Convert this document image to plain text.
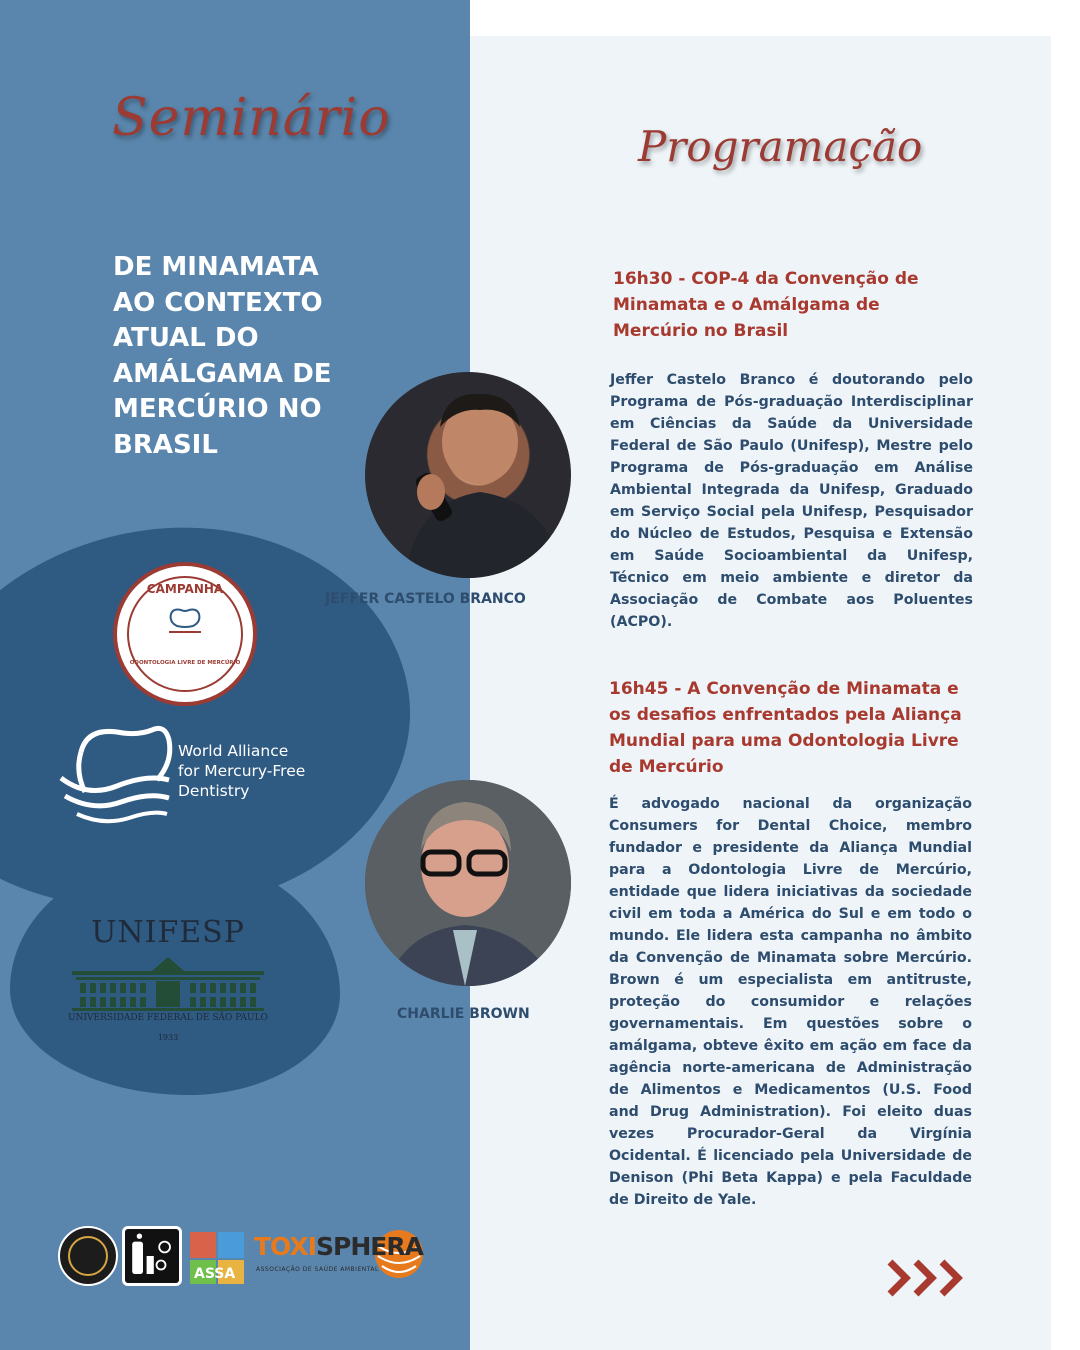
Seminário	Programação
DE MINAMATA AO CONTEXTO ATUAL DO AMÁLGAMA DE MERCÚRIO NO BRASIL
16h30 - COP-4 da Convenção de Minamata e o Amálgama de Mercúrio no Brasil
JEFFER CASTELO BRANCO
Jeffer Castelo Branco é doutorando pelo Programa de Pós-graduação Interdisciplinar em Ciências da Saúde da Universidade Federal de São Paulo (Unifesp), Mestre pelo Programa de Pós-graduação em Análise Ambiental Integrada da Unifesp, Graduado em Serviço Social pela Unifesp, Pesquisador do Núcleo de Estudos, Pesquisa e Extensão em Saúde Socioambiental da Unifesp, Técnico em meio ambiente e diretor da Associação de Combate aos Poluentes (ACPO).
16h45 - A Convenção de Minamata e os desafios enfrentados pela Aliança Mundial para uma Odontologia Livre de Mercúrio
CHARLIE BROWN
É advogado nacional da organização Consumers for Dental Choice, membro fundador e presidente da Aliança Mundial para a Odontologia Livre de Mercúrio, entidade que lidera iniciativas da sociedade civil em toda a América do Sul e em todo o mundo. Ele lidera esta campanha no âmbito da Convenção de Minamata sobre Mercúrio. Brown é um especialista em antitruste, proteção do consumidor e relações governamentais. Em questões sobre o amálgama, obteve êxito em ação em face da agência norte-americana de Administração de Alimentos e Medicamentos (U.S. Food and Drug Administration). Foi eleito duas vezes Procurador-Geral da Virgínia Ocidental. É licenciado pela Universidade de Denison (Phi Beta Kappa) e pela Faculdade de Direito de Yale.
CAMPANHA
ODONTOLOGIA LIVRE DE MERCÚRIO
World Alliance
for Mercury-Free
Dentistry
UNIFESP
UNIVERSIDADE FEDERAL DE SÃO PAULO
1933
ASSA
TOXISPHERA
ASSOCIAÇÃO DE SAÚDE AMBIENTAL
